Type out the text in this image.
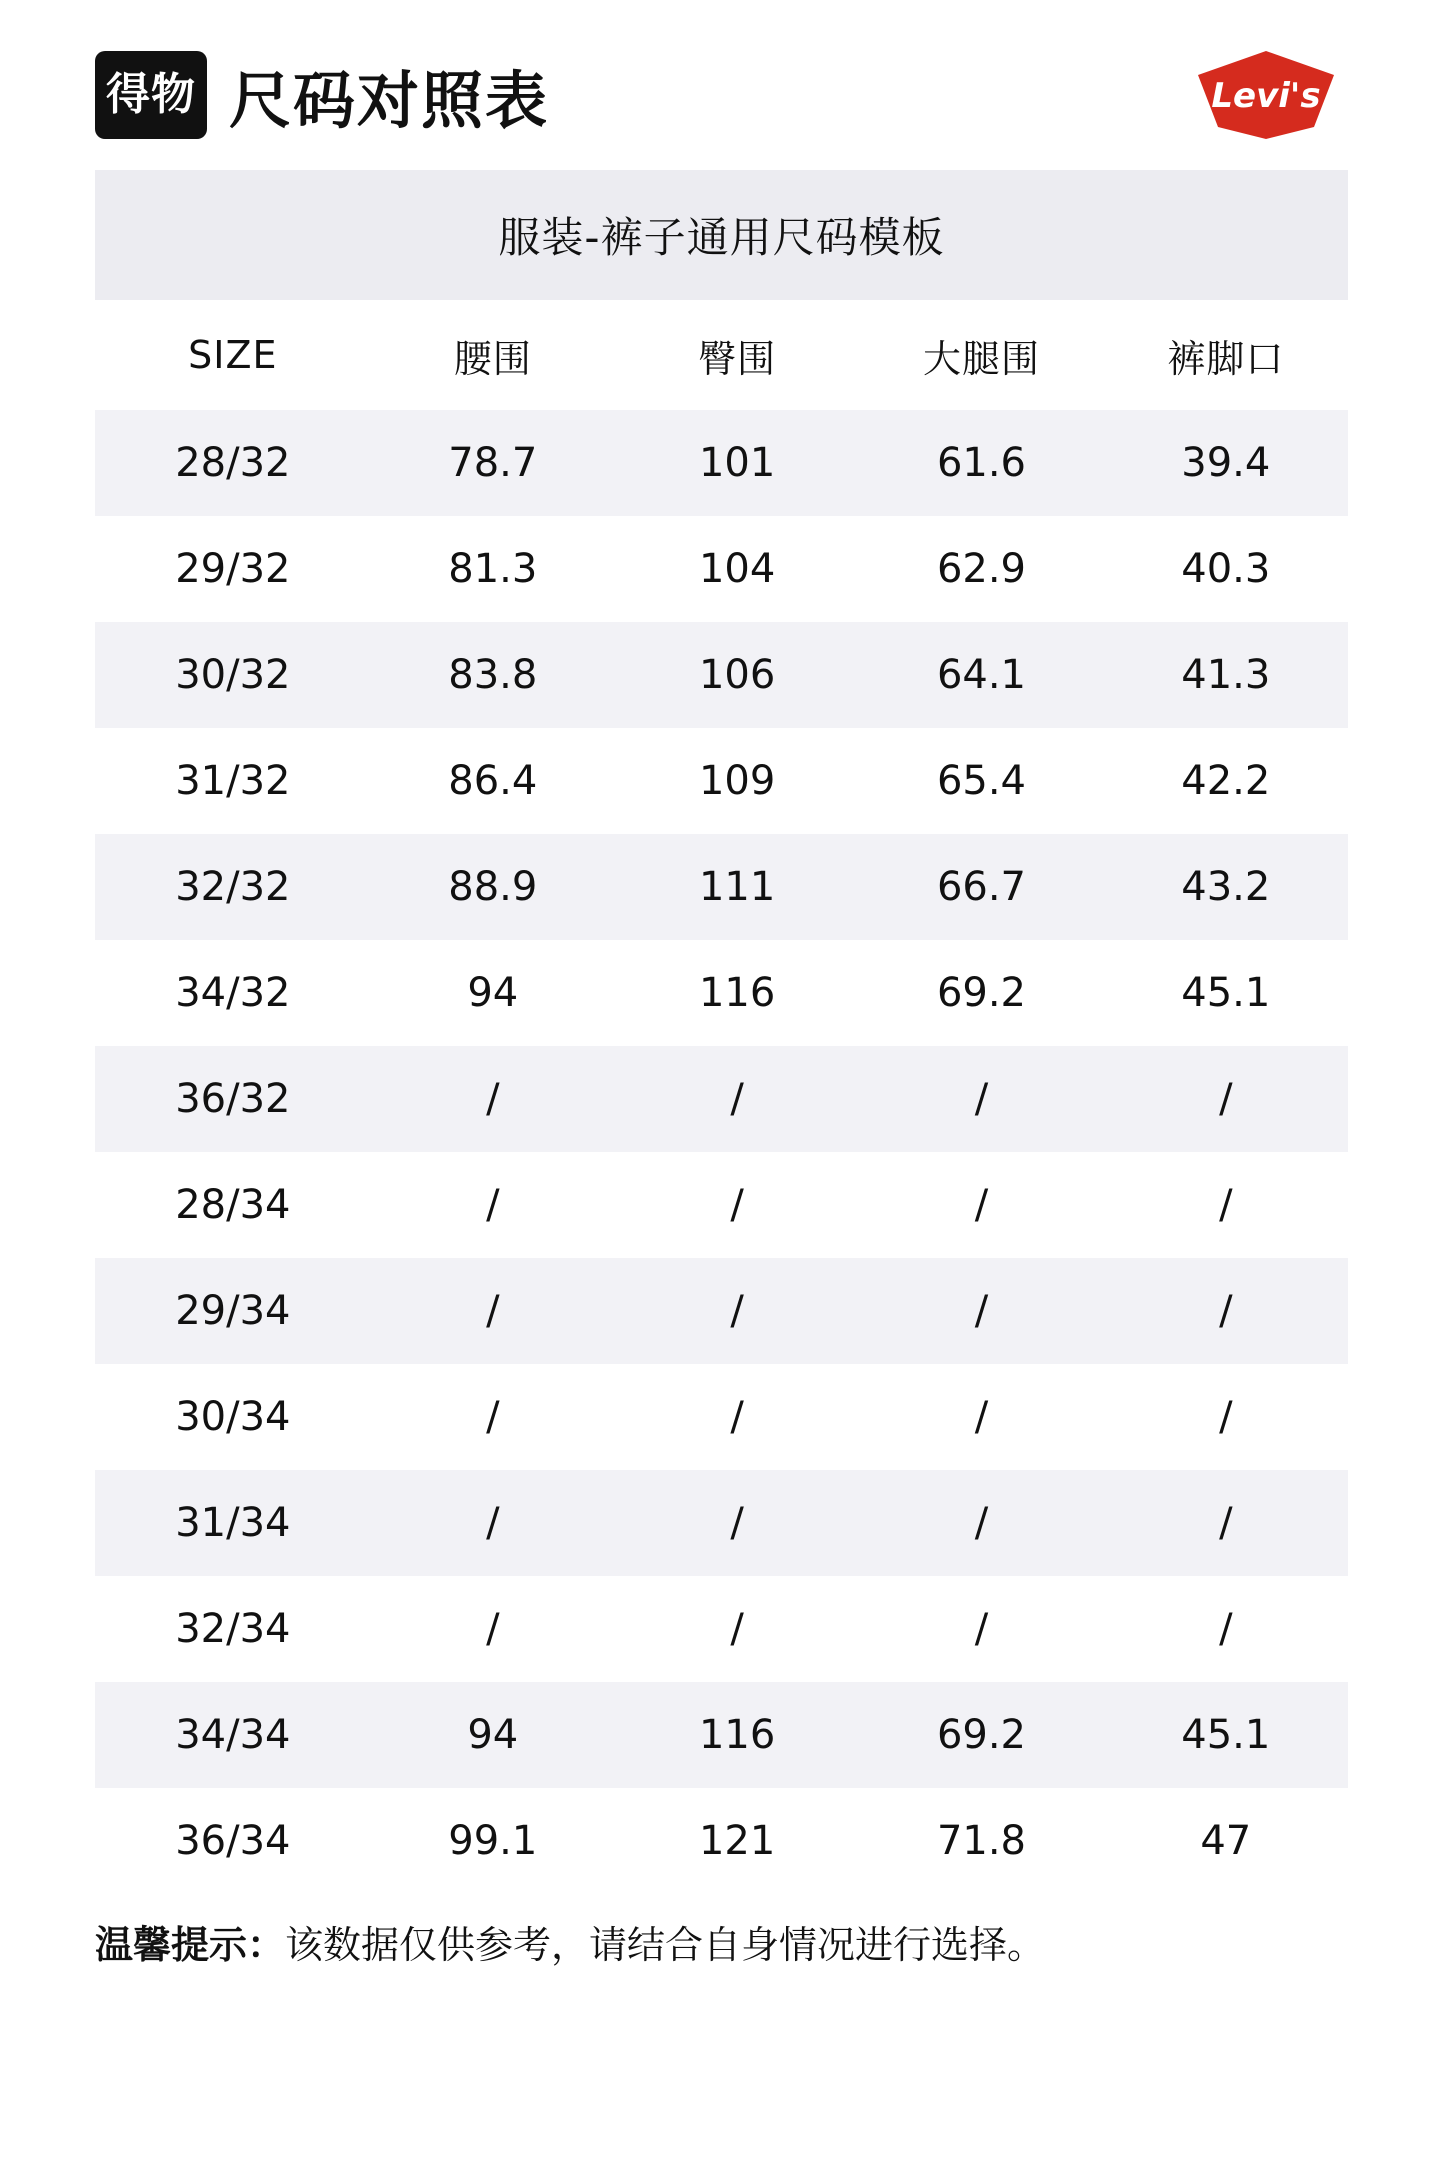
得物 尺码对照表	Levi's
服装-裤子通用尺码模板				
SIZE	腰围	臀围	大腿围	裤脚口
28/32	78.7	101	61.6	39.4
29/32	81.3	104	62.9	40.3
30/32	83.8	106	64.1	41.3
31/32	86.4	109	65.4	42.2
32/32	88.9	111	66.7	43.2
34/32	94	116	69.2	45.1
36/32	/	/	/	/
28/34	/	/	/	/
29/34	/	/	/	/
30/34	/	/	/	/
31/34	/	/	/	/
32/34	/	/	/	/
34/34	94	116	69.2	45.1
36/34	99.1	121	71.8	47
温馨提示：该数据仅供参考，请结合自身情况进行选择。
